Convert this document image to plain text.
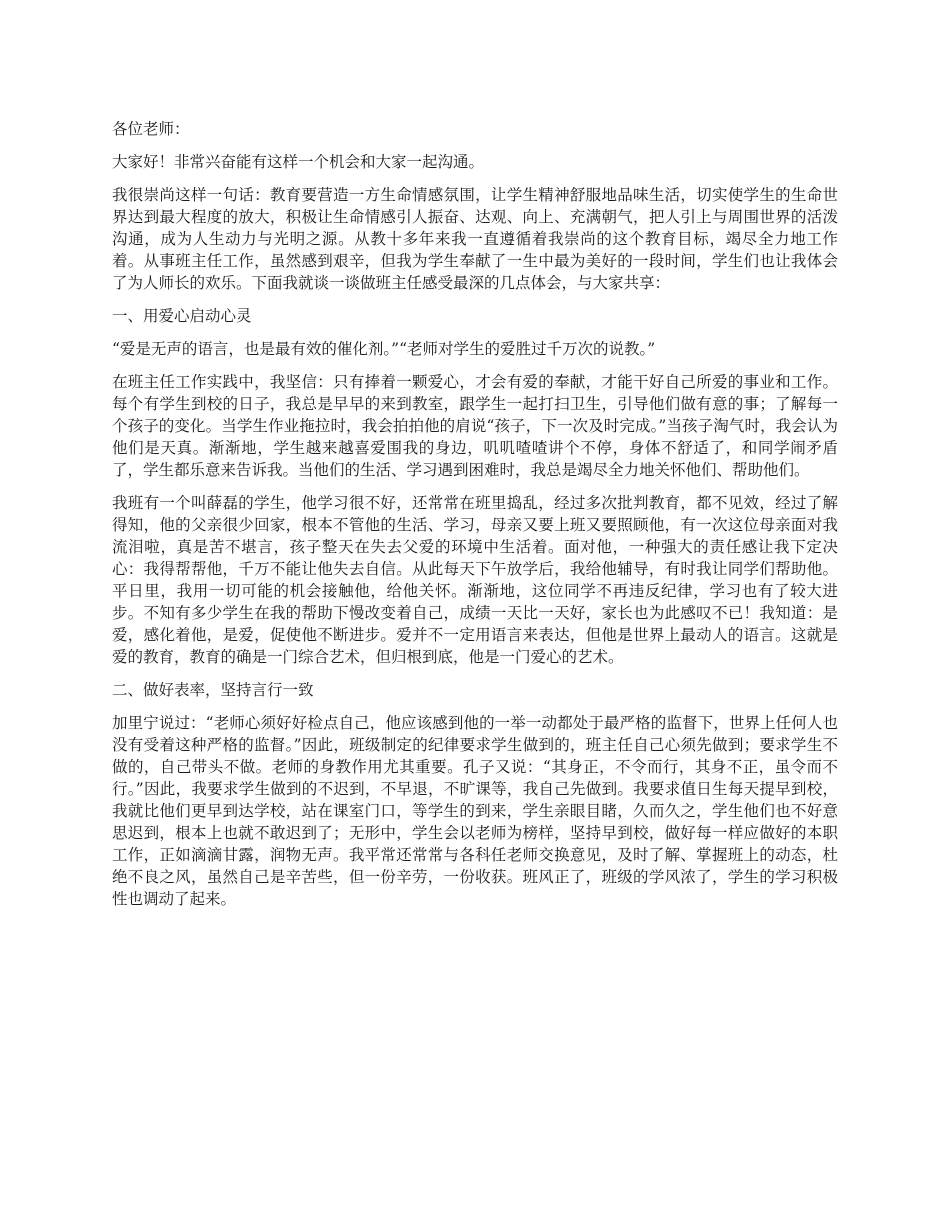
各位老师：

大家好！非常兴奋能有这样一个机会和大家一起沟通。

我很崇尚这样一句话：教育要营造一方生命情感氛围，让学生精神舒服地品味生活，切实使学生的生命世界达到最大程度的放大，积极让生命情感引人振奋、达观、向上、充满朝气，把人引上与周围世界的活泼沟通，成为人生动力与光明之源。从教十多年来我一直遵循着我崇尚的这个教育目标，竭尽全力地工作着。从事班主任工作，虽然感到艰辛，但我为学生奉献了一生中最为美好的一段时间，学生们也让我体会了为人师长的欢乐。下面我就谈一谈做班主任感受最深的几点体会，与大家共享：

一、用爱心启动心灵

“爱是无声的语言，也是最有效的催化剂。”“老师对学生的爱胜过千万次的说教。”

在班主任工作实践中，我坚信：只有捧着一颗爱心，才会有爱的奉献，才能干好自己所爱的事业和工作。每个有学生到校的日子，我总是早早的来到教室，跟学生一起打扫卫生，引导他们做有意的事；了解每一个孩子的变化。当学生作业拖拉时，我会拍拍他的肩说“孩子，下一次及时完成。”当孩子淘气时，我会认为他们是天真。渐渐地，学生越来越喜爱围我的身边，叽叽喳喳讲个不停，身体不舒适了，和同学闹矛盾了，学生都乐意来告诉我。当他们的生活、学习遇到困难时，我总是竭尽全力地关怀他们、帮助他们。

我班有一个叫薛磊的学生，他学习很不好，还常常在班里捣乱，经过多次批判教育，都不见效，经过了解得知，他的父亲很少回家，根本不管他的生活、学习，母亲又要上班又要照顾他，有一次这位母亲面对我流泪啦，真是苦不堪言，孩子整天在失去父爱的环境中生活着。面对他，一种强大的责任感让我下定决心：我得帮帮他，千万不能让他失去自信。从此每天下午放学后，我给他辅导，有时我让同学们帮助他。平日里，我用一切可能的机会接触他，给他关怀。渐渐地，这位同学不再违反纪律，学习也有了较大进步。不知有多少学生在我的帮助下慢改变着自己，成绩一天比一天好，家长也为此感叹不已！我知道：是爱，感化着他，是爱，促使他不断进步。爱并不一定用语言来表达，但他是世界上最动人的语言。这就是爱的教育，教育的确是一门综合艺术，但归根到底，他是一门爱心的艺术。

二、做好表率，坚持言行一致

加里宁说过：“老师心须好好检点自己，他应该感到他的一举一动都处于最严格的监督下，世界上任何人也没有受着这种严格的监督。”因此，班级制定的纪律要求学生做到的，班主任自己心须先做到；要求学生不做的，自己带头不做。老师的身教作用尤其重要。孔子又说：“其身正，不令而行，其身不正，虽令而不行。”因此，我要求学生做到的不迟到，不早退，不旷课等，我自己先做到。我要求值日生每天提早到校，我就比他们更早到达学校，站在课室门口，等学生的到来，学生亲眼目睹，久而久之，学生他们也不好意思迟到，根本上也就不敢迟到了；无形中，学生会以老师为榜样，坚持早到校，做好每一样应做好的本职工作，正如滴滴甘露，润物无声。我平常还常常与各科任老师交换意见，及时了解、掌握班上的动态，杜绝不良之风，虽然自己是辛苦些，但一份辛劳，一份收获。班风正了，班级的学风浓了，学生的学习积极性也调动了起来。
